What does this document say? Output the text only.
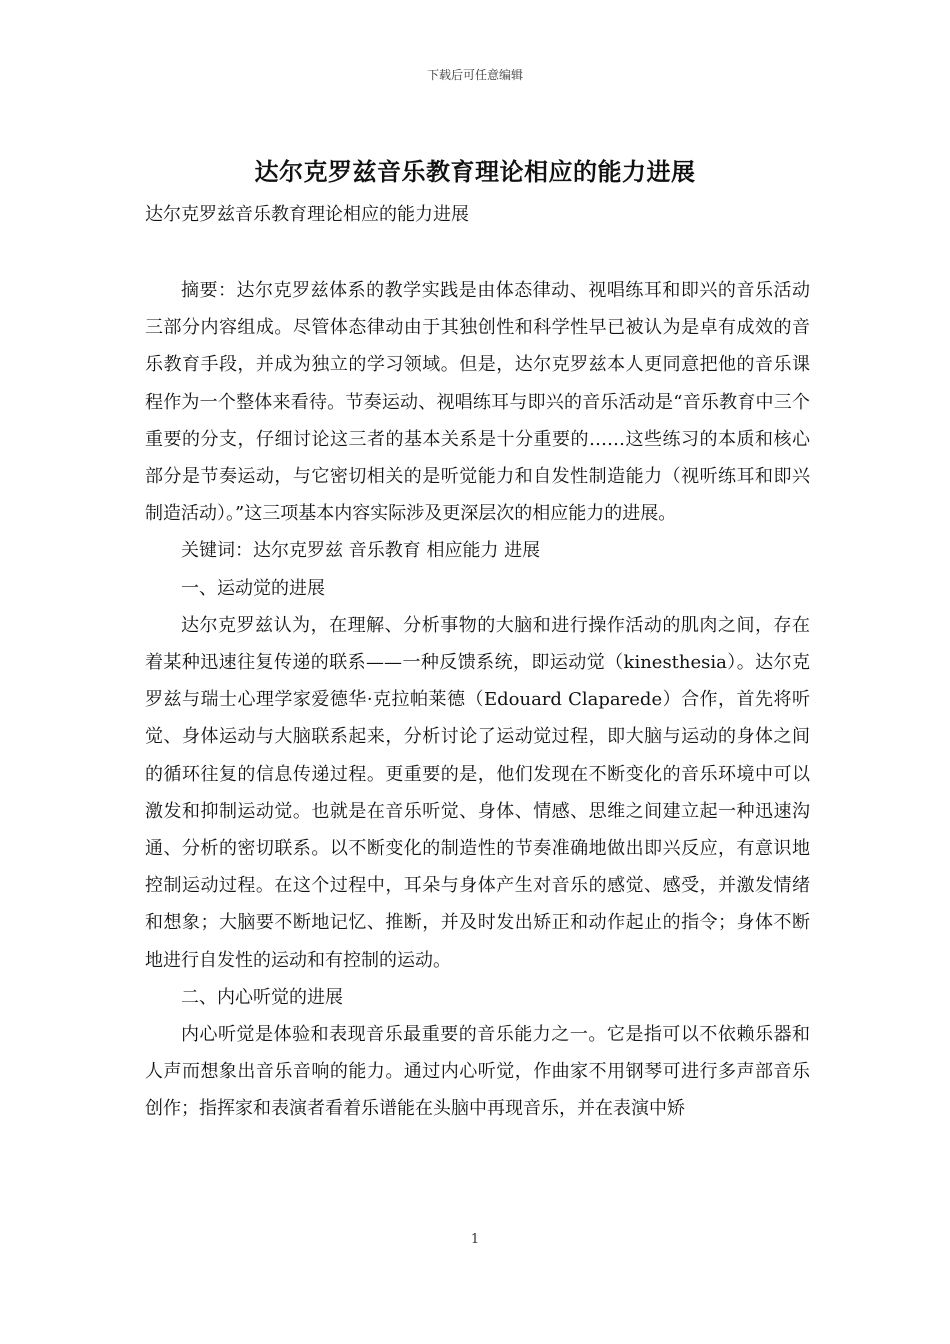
下载后可任意编辑
达尔克罗兹音乐教育理论相应的能力进展
达尔克罗兹音乐教育理论相应的能力进展

摘要：达尔克罗兹体系的教学实践是由体态律动、视唱练耳和即兴的音乐活动三部分内容组成。尽管体态律动由于其独创性和科学性早已被认为是卓有成效的音乐教育手段，并成为独立的学习领域。但是，达尔克罗兹本人更同意把他的音乐课程作为一个整体来看待。节奏运动、视唱练耳与即兴的音乐活动是“音乐教育中三个重要的分支，仔细讨论这三者的基本关系是十分重要的……这些练习的本质和核心部分是节奏运动，与它密切相关的是听觉能力和自发性制造能力（视听练耳和即兴制造活动）。”这三项基本内容实际涉及更深层次的相应能力的进展。

关键词：达尔克罗兹 音乐教育 相应能力 进展

一、运动觉的进展

达尔克罗兹认为，在理解、分析事物的大脑和进行操作活动的肌肉之间，存在着某种迅速往复传递的联系——一种反馈系统，即运动觉（kinesthesia）。达尔克罗兹与瑞士心理学家爱德华·克拉帕莱德（Edouard Claparede）合作，首先将听觉、身体运动与大脑联系起来，分析讨论了运动觉过程，即大脑与运动的身体之间的循环往复的信息传递过程。更重要的是，他们发现在不断变化的音乐环境中可以激发和抑制运动觉。也就是在音乐听觉、身体、情感、思维之间建立起一种迅速沟通、分析的密切联系。以不断变化的制造性的节奏准确地做出即兴反应，有意识地控制运动过程。在这个过程中，耳朵与身体产生对音乐的感觉、感受，并激发情绪和想象；大脑要不断地记忆、推断，并及时发出矫正和动作起止的指令；身体不断地进行自发性的运动和有控制的运动。

二、内心听觉的进展

内心听觉是体验和表现音乐最重要的音乐能力之一。它是指可以不依赖乐器和人声而想象出音乐音响的能力。通过内心听觉，作曲家不用钢琴可进行多声部音乐创作；指挥家和表演者看着乐谱能在头脑中再现音乐，并在表演中矫

1
